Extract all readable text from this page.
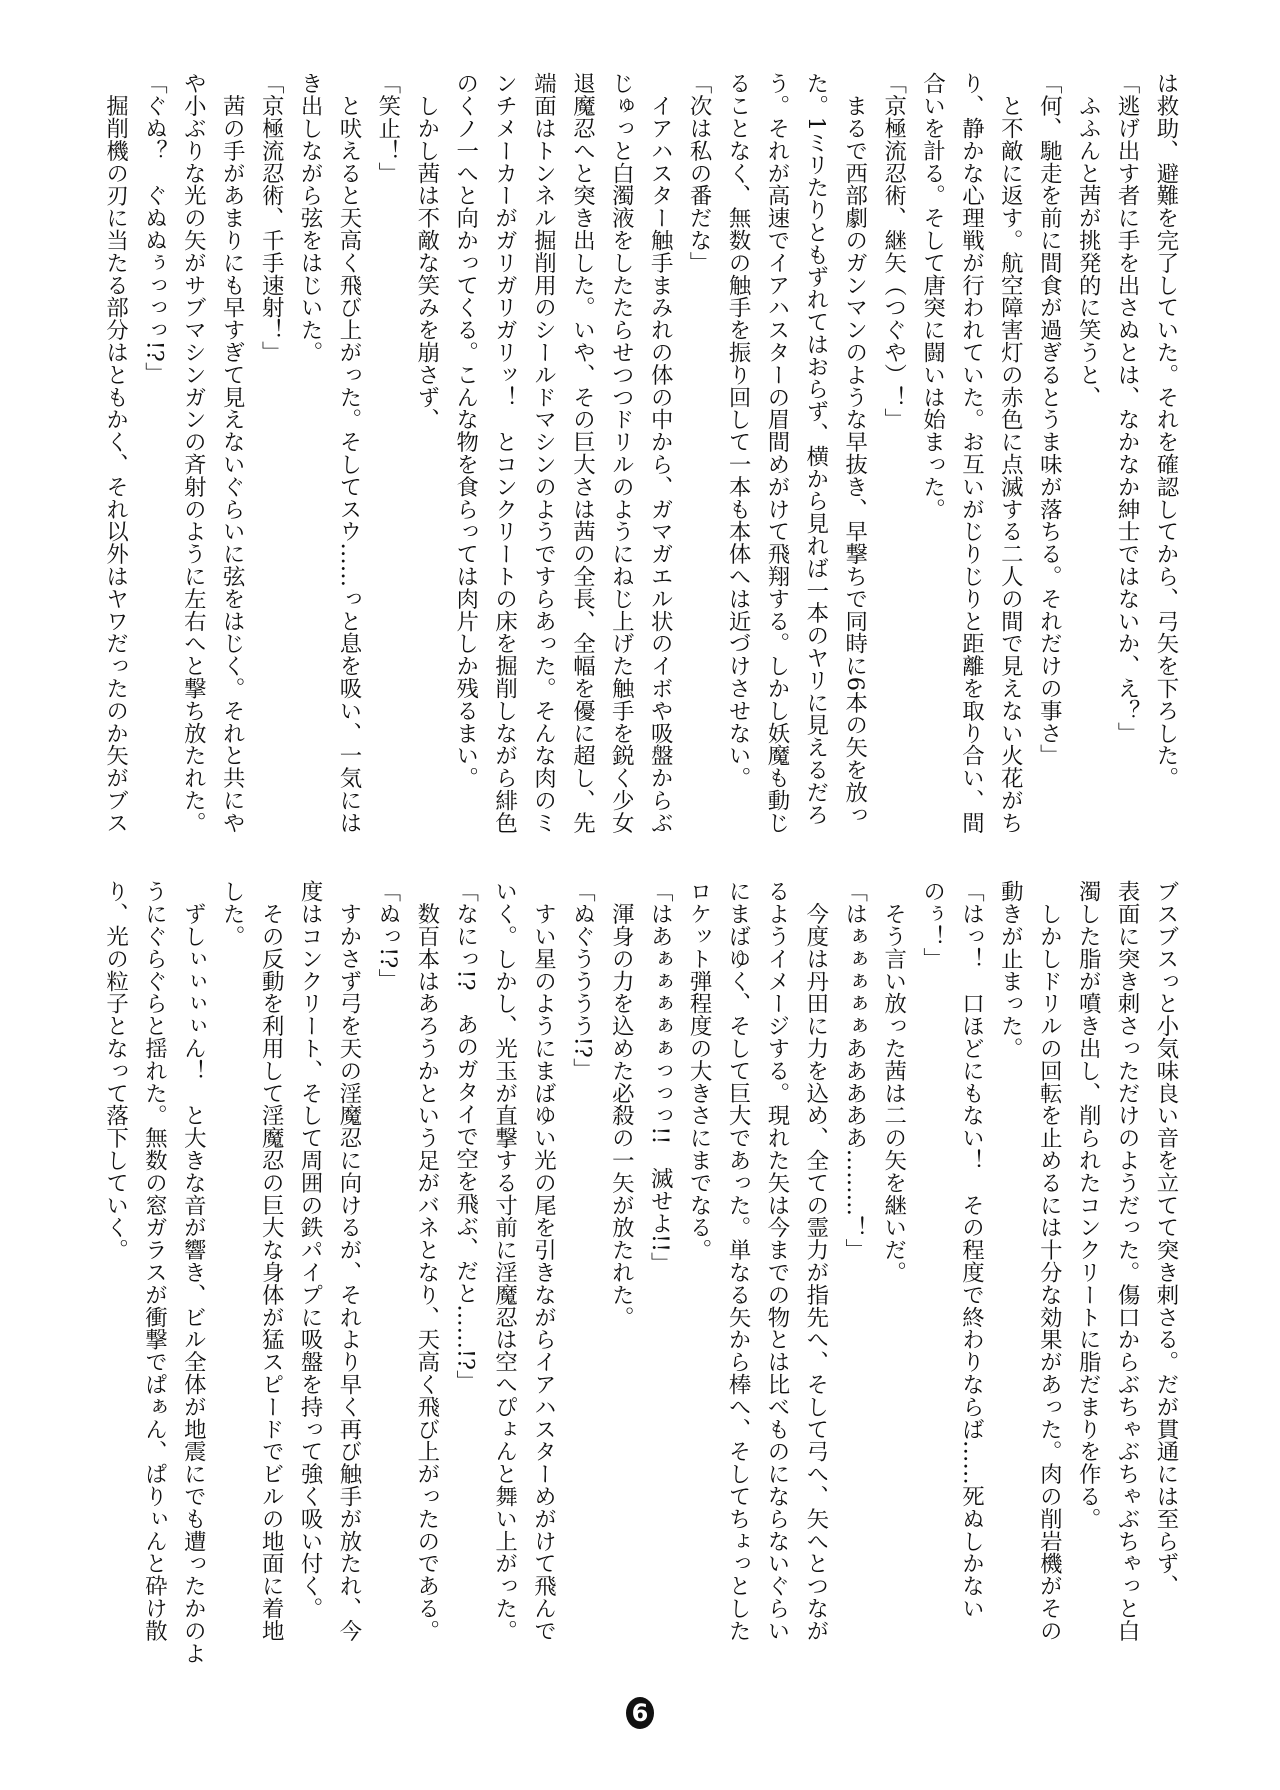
は救助、避難を完了していた。それを確認してから、弓矢を下ろした。
「逃げ出す者に手を出さぬとは、なかなか紳士ではないか、え？」
　ふふんと茜が挑発的に笑うと、
「何、馳走を前に間食が過ぎるとうま味が落ちる。それだけの事さ」
　と不敵に返す。航空障害灯の赤色に点滅する二人の間で見えない火花がち
り、静かな心理戦が行われていた。お互いがじりじりと距離を取り合い、間
合いを計る。そして唐突に闘いは始まった。
「京極流忍術、継矢（つぐや）！」
　まるで西部劇のガンマンのような早抜き、早撃ちで同時に6本の矢を放っ
た。1ミリたりともずれてはおらず、横から見れば一本のヤリに見えるだろ
う。それが高速でイアハスターの眉間めがけて飛翔する。しかし妖魔も動じ
ることなく、無数の触手を振り回して一本も本体へは近づけさせない。
「次は私の番だな」
　イアハスター触手まみれの体の中から、ガマガエル状のイボや吸盤からぶ
じゅっと白濁液をしたたらせつつドリルのようにねじ上げた触手を鋭く少女
退魔忍へと突き出した。いや、その巨大さは茜の全長、全幅を優に超し、先
端面はトンネル掘削用のシールドマシンのようですらあった。そんな肉のミ
ンチメーカーがガリガリガリッ！　とコンクリートの床を掘削しながら緋色
のくノ一へと向かってくる。こんな物を食らっては肉片しか残るまい。
　しかし茜は不敵な笑みを崩さず、
「笑止！」
　と吠えると天高く飛び上がった。そしてスウ……っと息を吸い、一気には
き出しながら弦をはじいた。
「京極流忍術、千手速射！」
　茜の手があまりにも早すぎて見えないぐらいに弦をはじく。それと共にや
や小ぶりな光の矢がサブマシンガンの斉射のように左右へと撃ち放たれた。
「ぐぬ？　ぐぬぬぅっっっ!?」
　掘削機の刃に当たる部分はともかく、それ以外はヤワだったのか矢がブス
ブスブスっと小気味良い音を立てて突き刺さる。だが貫通には至らず、
表面に突き刺さっただけのようだった。傷口からぶちゃぶちゃぶちゃっと白
濁した脂が噴き出し、削られたコンクリートに脂だまりを作る。
　しかしドリルの回転を止めるには十分な効果があった。肉の削岩機がその
動きが止まった。
「はっ！　口ほどにもない！　その程度で終わりならば……死ぬしかない
のぅ！」
　そう言い放った茜は二の矢を継いだ。
「はぁぁぁぁぁあああああ………！」
　今度は丹田に力を込め、全ての霊力が指先へ、そして弓へ、矢へとつなが
るようイメージする。現れた矢は今までの物とは比べものにならないぐらい
にまばゆく、そして巨大であった。単なる矢から棒へ、そしてちょっとした
ロケット弾程度の大きさにまでなる。
「はあぁぁぁぁぁっっっ!!　滅せよ!!」
　渾身の力を込めた必殺の一矢が放たれた。
「ぬぐうううう!?」
　すい星のようにまばゆい光の尾を引きながらイアハスターめがけて飛んで
いく。しかし、光玉が直撃する寸前に淫魔忍は空へぴょんと舞い上がった。
「なにっ!?　あのガタイで空を飛ぶ、だと……!?」
　数百本はあろうかという足がバネとなり、天高く飛び上がったのである。
「ぬっ!?」
　すかさず弓を天の淫魔忍に向けるが、それより早く再び触手が放たれ、今
度はコンクリート、そして周囲の鉄パイプに吸盤を持って強く吸い付く。
　その反動を利用して淫魔忍の巨大な身体が猛スピードでビルの地面に着地
した。
　ずしぃぃぃぃん！　と大きな音が響き、ビル全体が地震にでも遭ったかのよ
うにぐらぐらと揺れた。無数の窓ガラスが衝撃でぱぁん、ぱりぃんと砕け散
り、光の粒子となって落下していく。
6
